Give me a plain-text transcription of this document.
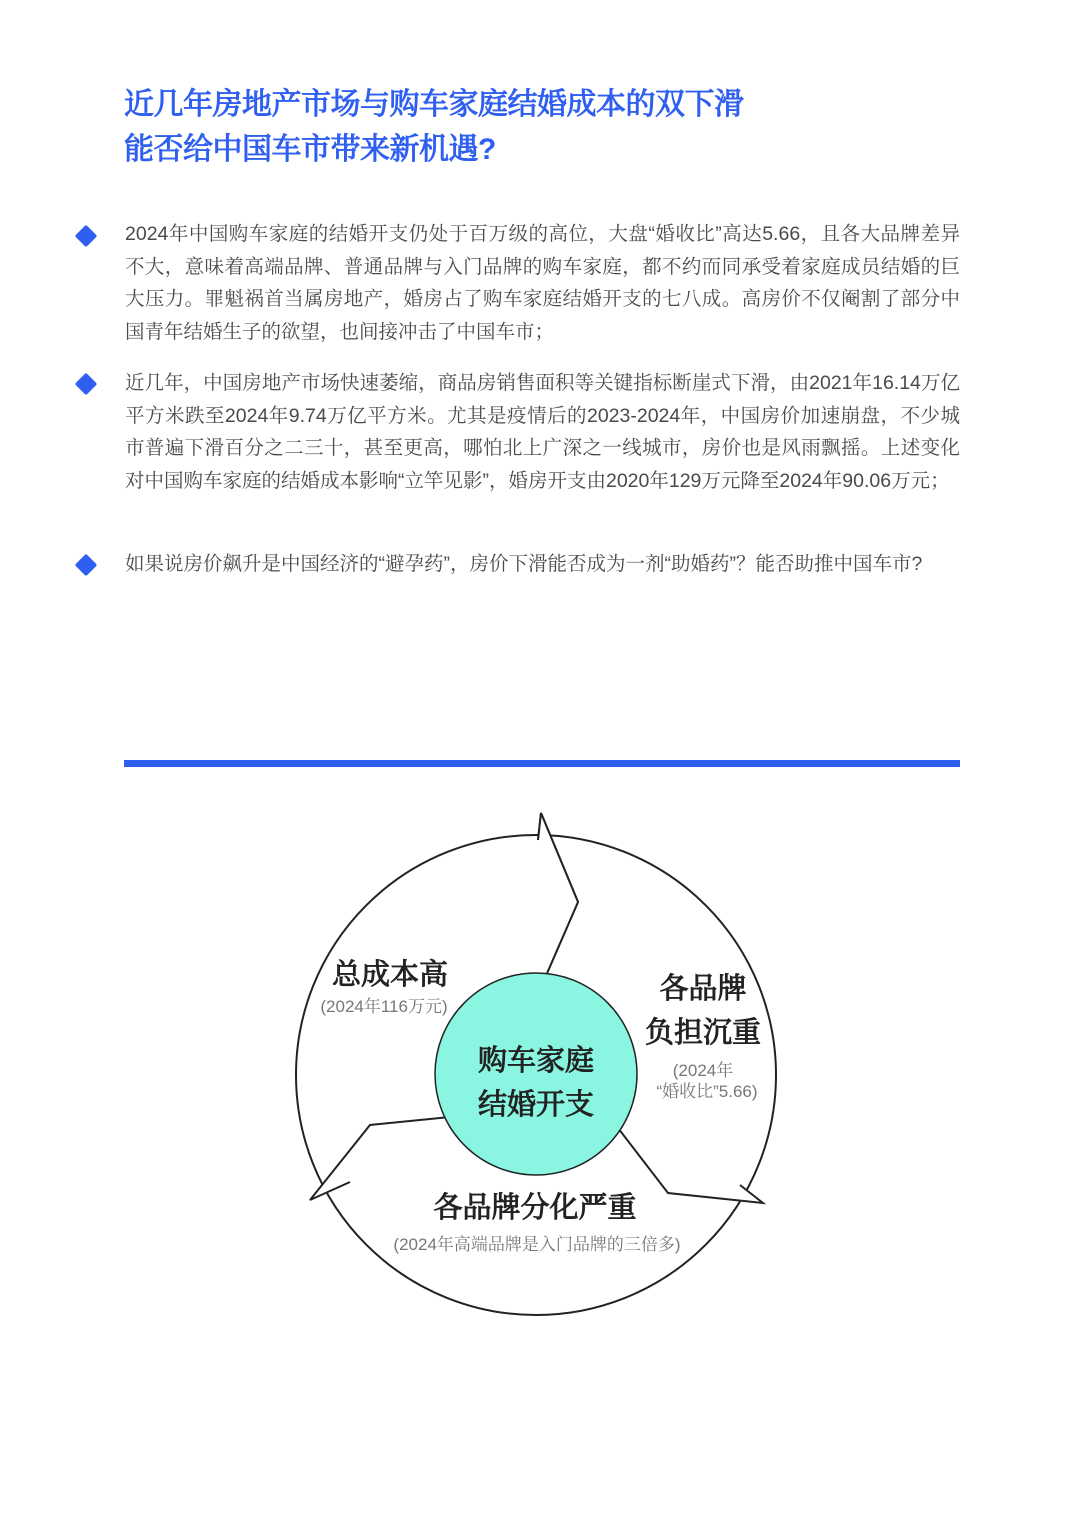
近几年房地产市场与购车家庭结婚成本的双下滑
能否给中国车市带来新机遇?
2024年中国购车家庭的结婚开支仍处于百万级的高位，大盘“婚收比”高达5.66，且各大品牌差异不大，意味着高端品牌、普通品牌与入门品牌的购车家庭，都不约而同承受着家庭成员结婚的巨大压力。罪魁祸首当属房地产，婚房占了购车家庭结婚开支的七八成。高房价不仅阉割了部分中国青年结婚生子的欲望，也间接冲击了中国车市；
近几年，中国房地产市场快速萎缩，商品房销售面积等关键指标断崖式下滑，由2021年16.14万亿平方米跌至2024年9.74万亿平方米。尤其是疫情后的2023-2024年，中国房价加速崩盘，不少城市普遍下滑百分之二三十，甚至更高，哪怕北上广深之一线城市，房价也是风雨飘摇。上述变化对中国购车家庭的结婚成本影响“立竿见影”，婚房开支由2020年129万元降至2024年90.06万元；
如果说房价飙升是中国经济的“避孕药”，房价下滑能否成为一剂“助婚药”？能否助推中国车市?
购车家庭
结婚开支
总成本高
(2024年116万元)
各品牌
负担沉重
(2024年
“婚收比”5.66)
各品牌分化严重
(2024年高端品牌是入门品牌的三倍多)
